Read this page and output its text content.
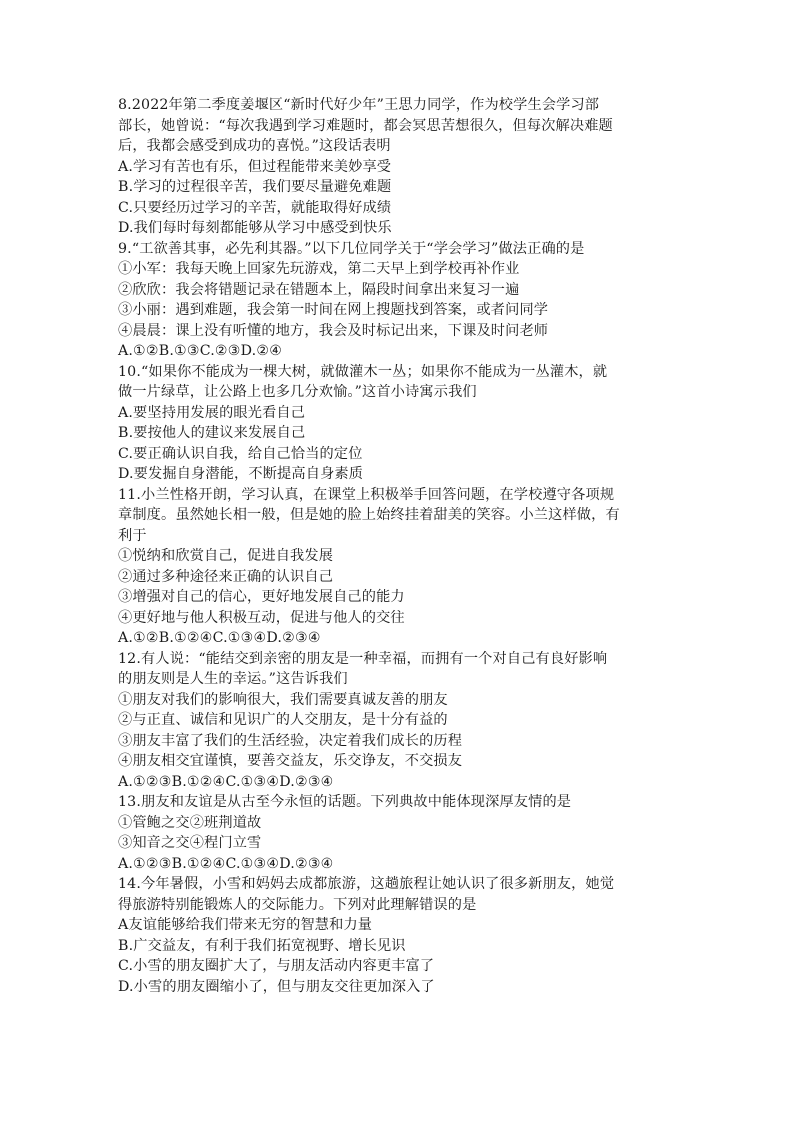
8.2022年第二季度姜堰区“新时代好少年”王思力同学，作为校学生会学习部
部长，她曾说：“每次我遇到学习难题时，都会冥思苦想很久，但每次解决难题
后，我都会感受到成功的喜悦。”这段话表明
A.学习有苦也有乐，但过程能带来美妙享受
B.学习的过程很辛苦，我们要尽量避免难题
C.只要经历过学习的辛苦，就能取得好成绩
D.我们每时每刻都能够从学习中感受到快乐
9.“工欲善其事，必先利其器。”以下几位同学关于“学会学习”做法正确的是
①小军：我每天晚上回家先玩游戏，第二天早上到学校再补作业
②欣欣：我会将错题记录在错题本上，隔段时间拿出来复习一遍
③小丽：遇到难题，我会第一时间在网上搜题找到答案，或者问同学
④晨晨：课上没有听懂的地方，我会及时标记出来，下课及时问老师
A.①②B.①③C.②③D.②④
10.“如果你不能成为一棵大树，就做灌木一丛；如果你不能成为一丛灌木，就
做一片绿草，让公路上也多几分欢愉。”这首小诗寓示我们
A.要坚持用发展的眼光看自己
B.要按他人的建议来发展自己
C.要正确认识自我，给自己恰当的定位
D.要发掘自身潜能，不断提高自身素质
11.小兰性格开朗，学习认真，在课堂上积极举手回答问题，在学校遵守各项规
章制度。虽然她长相一般，但是她的脸上始终挂着甜美的笑容。小兰这样做，有
利于
①悦纳和欣赏自己，促进自我发展
②通过多种途径来正确的认识自己
③增强对自己的信心，更好地发展自己的能力
④更好地与他人积极互动，促进与他人的交往
A.①②B.①②④C.①③④D.②③④
12.有人说：“能结交到亲密的朋友是一种幸福，而拥有一个对自己有良好影响
的朋友则是人生的幸运。”这告诉我们
①朋友对我们的影响很大，我们需要真诚友善的朋友
②与正直、诚信和见识广的人交朋友，是十分有益的
③朋友丰富了我们的生活经验，决定着我们成长的历程
④朋友相交宜谨慎，要善交益友，乐交诤友，不交损友
A.①②③B.①②④C.①③④D.②③④
13.朋友和友谊是从古至今永恒的话题。下列典故中能体现深厚友情的是
①管鲍之交②班荆道故
③知音之交④程门立雪
A.①②③B.①②④C.①③④D.②③④
14.今年暑假，小雪和妈妈去成都旅游，这趟旅程让她认识了很多新朋友，她觉
得旅游特别能锻炼人的交际能力。下列对此理解错误的是
A友谊能够给我们带来无穷的智慧和力量
B.广交益友，有利于我们拓宽视野、增长见识
C.小雪的朋友圈扩大了，与朋友活动内容更丰富了
D.小雪的朋友圈缩小了，但与朋友交往更加深入了
